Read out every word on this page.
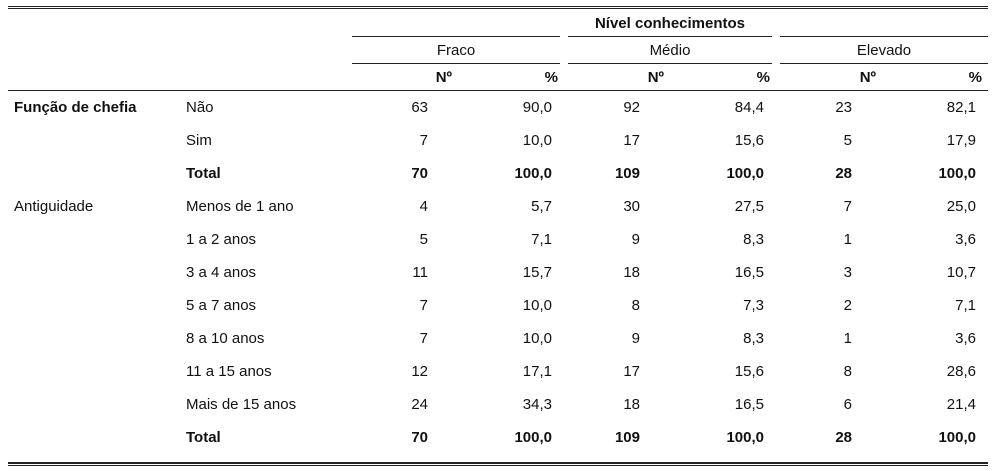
		Nível conhecimentos					
		Fraco		Médio		Elevado	
		Nº	%	Nº	%	Nº	%
Função de chefia	Não	63	90,0	92	84,4	23	82,1
	Sim	7	10,0	17	15,6	5	17,9
	Total	70	100,0	109	100,0	28	100,0
Antiguidade	Menos de 1 ano	4	5,7	30	27,5	7	25,0
	1 a 2 anos	5	7,1	9	8,3	1	3,6
	3 a 4 anos	11	15,7	18	16,5	3	10,7
	5 a 7 anos	7	10,0	8	7,3	2	7,1
	8 a 10 anos	7	10,0	9	8,3	1	3,6
	11 a 15 anos	12	17,1	17	15,6	8	28,6
	Mais de 15 anos	24	34,3	18	16,5	6	21,4
	Total	70	100,0	109	100,0	28	100,0
